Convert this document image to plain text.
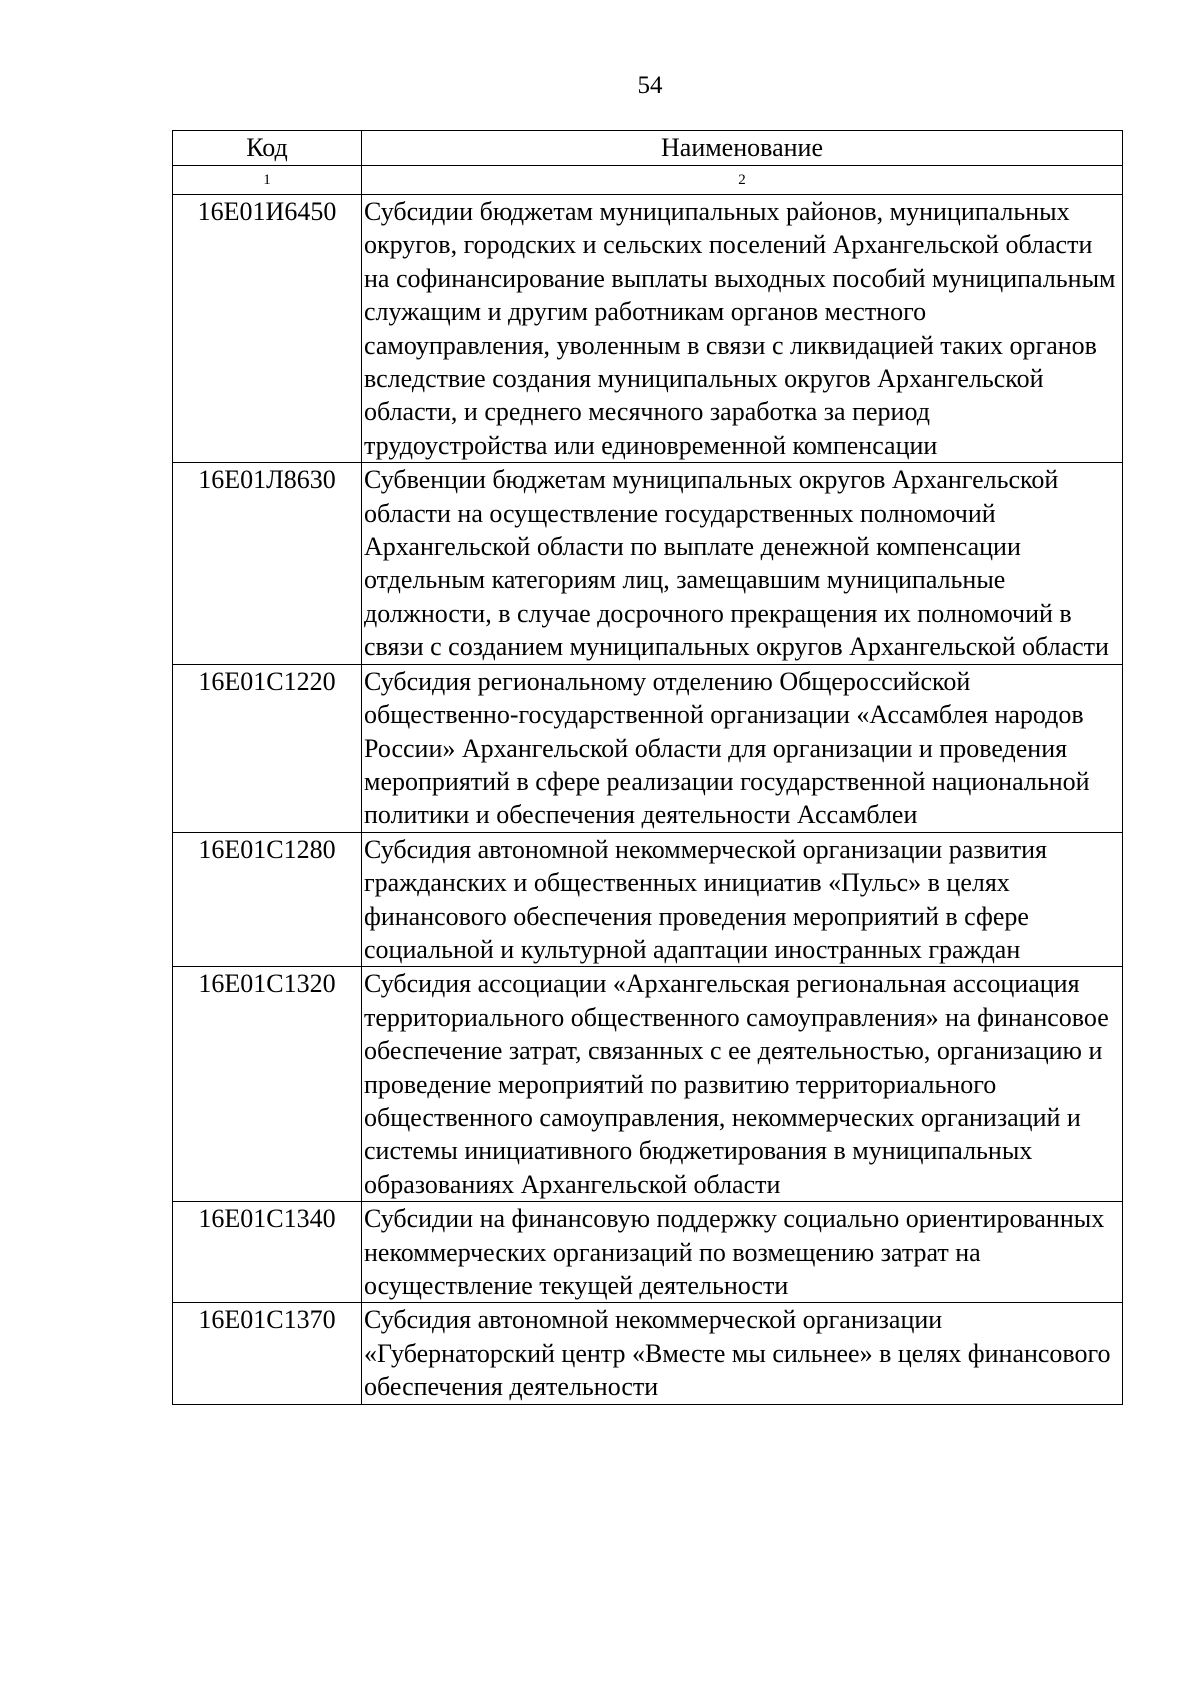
54
Код	Наименование
1	2
16Е01И6450	Субсидии бюджетам муниципальных районов, муниципальных округов, городских и сельских поселений Архангельской области на софинансирование выплаты выходных пособий муниципальным служащим и другим работникам органов местного самоуправления, уволенным в связи с ликвидацией таких органов вследствие создания муниципальных округов Архангельской области, и среднего месячного заработка за период трудоустройства или единовременной компенсации
16Е01Л8630	Субвенции бюджетам муниципальных округов Архангельской области на осуществление государственных полномочий Архангельской области по выплате денежной компенсации отдельным категориям лиц, замещавшим муниципальные должности, в случае досрочного прекращения их полномочий в связи с созданием муниципальных округов Архангельской области
16Е01С1220	Субсидия региональному отделению Общероссийской общественно-государственной организации «Ассамблея народов России» Архангельской области для организации и проведения мероприятий в сфере реализации государственной национальной политики и обеспечения деятельности Ассамблеи
16Е01С1280	Субсидия автономной некоммерческой организации развития гражданских и общественных инициатив «Пульс» в целях финансового обеспечения проведения мероприятий в сфере социальной и культурной адаптации иностранных граждан
16Е01С1320	Субсидия ассоциации «Архангельская региональная ассоциация территориального общественного самоуправления» на финансовое обеспечение затрат, связанных с ее деятельностью, организацию и проведение мероприятий по развитию территориального общественного самоуправления, некоммерческих организаций и системы инициативного бюджетирования в муниципальных образованиях Архангельской области
16Е01С1340	Субсидии на финансовую поддержку социально ориентированных некоммерческих организаций по возмещению затрат на осуществление текущей деятельности
16Е01С1370	Субсидия автономной некоммерческой организации «Губернаторский центр «Вместе мы сильнее» в целях финансового обеспечения деятельности
